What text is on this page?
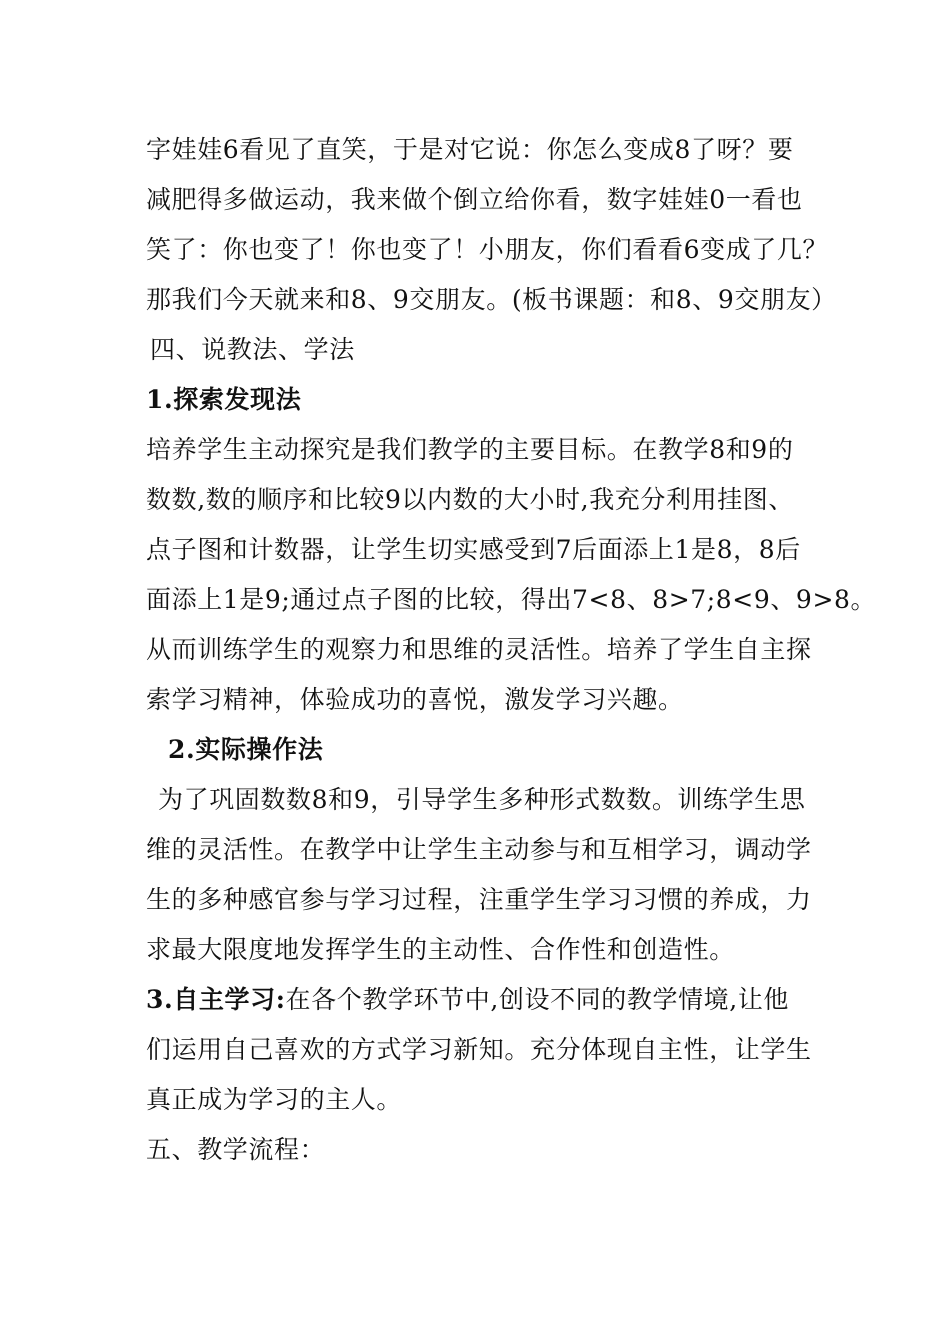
字娃娃6看见了直笑，于是对它说：你怎么变成8了呀？要
减肥得多做运动，我来做个倒立给你看，数字娃娃0一看也
笑了：你也变了！你也变了！小朋友，你们看看6变成了几？
那我们今天就来和8、9交朋友。(板书课题：和8、9交朋友）
四、说教法、学法
1.探索发现法
培养学生主动探究是我们教学的主要目标。在教学8和9的
数数,数的顺序和比较9以内数的大小时,我充分利用挂图、
点子图和计数器，让学生切实感受到7后面添上1是8，8后
面添上1是9;通过点子图的比较，得出7<8、8>7;8<9、9>8。
从而训练学生的观察力和思维的灵活性。培养了学生自主探
索学习精神，体验成功的喜悦，激发学习兴趣。
2.实际操作法
为了巩固数数8和9，引导学生多种形式数数。训练学生思
维的灵活性。在教学中让学生主动参与和互相学习，调动学
生的多种感官参与学习过程，注重学生学习习惯的养成，力
求最大限度地发挥学生的主动性、合作性和创造性。
3.自主学习:在各个教学环节中,创设不同的教学情境,让他
们运用自己喜欢的方式学习新知。充分体现自主性，让学生
真正成为学习的主人。
五、教学流程：
